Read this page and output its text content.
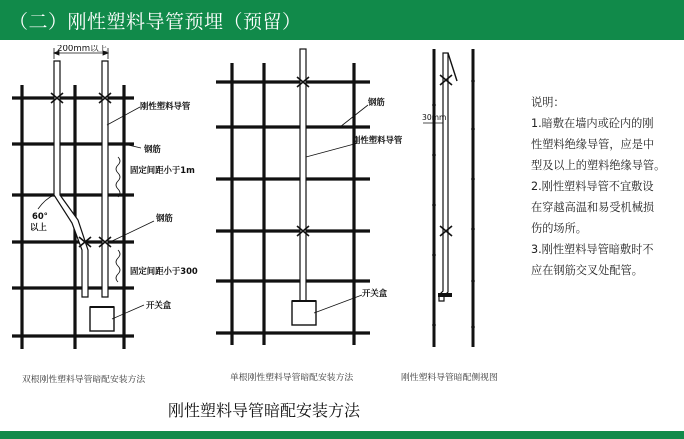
（二）刚性塑料导管预埋（预留）
200mm以上
刚性塑料导管
钢筋
固定间距小于1m
60°
以上
钢筋
固定间距小于300
开关盒
钢筋
刚性塑料导管
开关盒
30mm
说明：
1.暗敷在墙内或砼内的刚
性塑料绝缘导管，应是中
型及以上的塑料绝缘导管。
2.刚性塑料导管不宜敷设
在穿越高温和易受机械损
伤的场所。
3.刚性塑料导管暗敷时不
应在钢筋交叉处配管。
双根刚性塑料导管暗配安装方法	单根刚性塑料导管暗配安装方法	刚性塑料导管暗配侧视图
刚性塑料导管暗配安装方法
